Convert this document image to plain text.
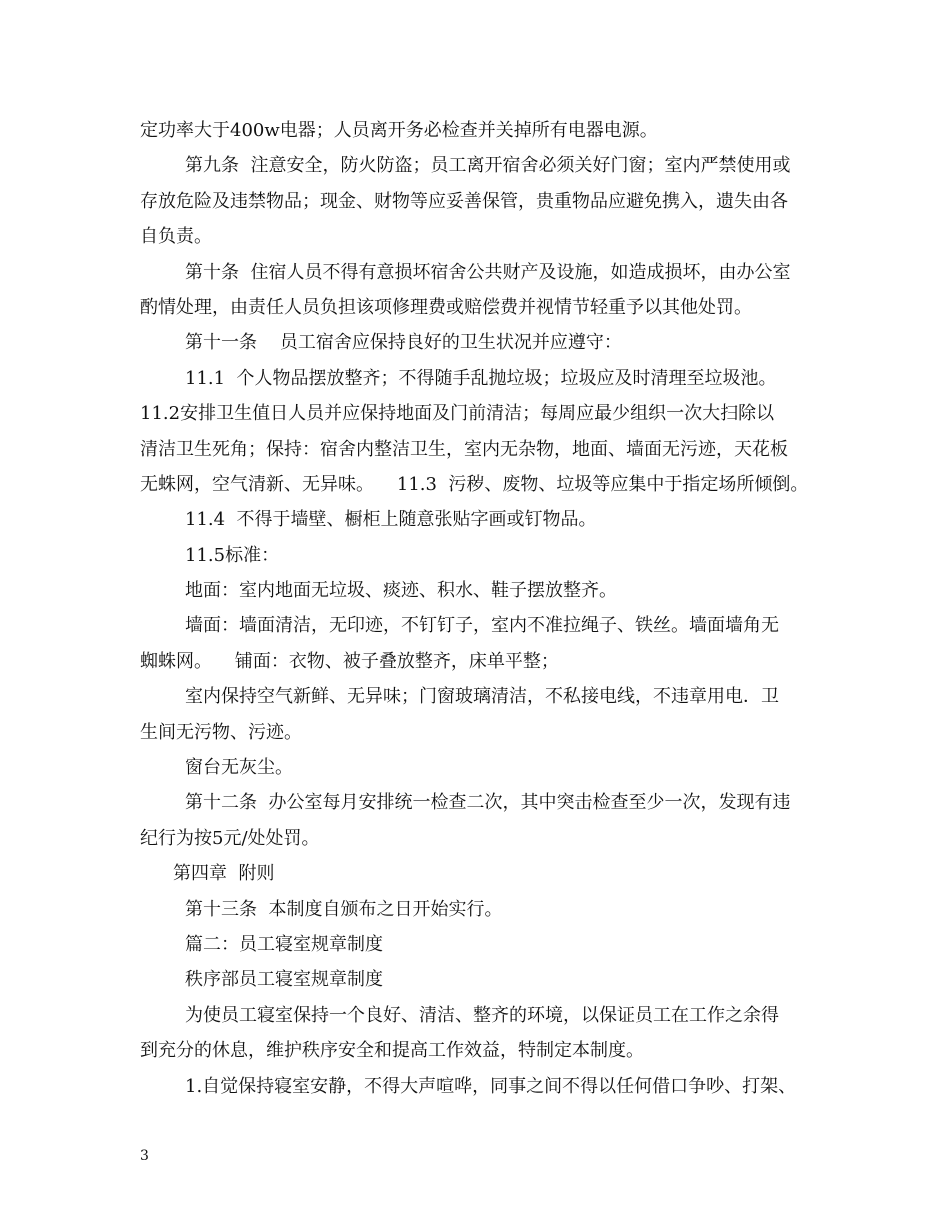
定功率大于400w电器；人员离开务必检查并关掉所有电器电源。
第九条  注意安全，防火防盗；员工离开宿舍必须关好门窗；室内严禁使用或
存放危险及违禁物品；现金、财物等应妥善保管，贵重物品应避免携入，遗失由各
自负责。
第十条  住宿人员不得有意损坏宿舍公共财产及设施，如造成损坏，由办公室
酌情处理，由责任人员负担该项修理费或赔偿费并视情节轻重予以其他处罚。
第十一条    员工宿舍应保持良好的卫生状况并应遵守：
11.1  个人物品摆放整齐；不得随手乱抛垃圾；垃圾应及时清理至垃圾池。
11.2安排卫生值日人员并应保持地面及门前清洁；每周应最少组织一次大扫除以
清洁卫生死角；保持：宿舍内整洁卫生，室内无杂物，地面、墙面无污迹，天花板
无蛛网，空气清新、无异味。    11.3  污秽、废物、垃圾等应集中于指定场所倾倒。
11.4  不得于墙壁、橱柜上随意张贴字画或钉物品。
11.5标准：
地面：室内地面无垃圾、痰迹、积水、鞋子摆放整齐。
墙面：墙面清洁，无印迹，不钉钉子，室内不准拉绳子、铁丝。墙面墙角无
蜘蛛网。    铺面：衣物、被子叠放整齐，床单平整；
室内保持空气新鲜、无异味；门窗玻璃清洁，不私接电线，不违章用电．卫
生间无污物、污迹。
窗台无灰尘。
第十二条  办公室每月安排统一检查二次，其中突击检查至少一次，发现有违
纪行为按5元/处处罚。
第四章  附则
第十三条  本制度自颁布之日开始实行。
篇二：员工寝室规章制度
秩序部员工寝室规章制度
为使员工寝室保持一个良好、清洁、整齐的环境，以保证员工在工作之余得
到充分的休息，维护秩序安全和提高工作效益，特制定本制度。
1.自觉保持寝室安静，不得大声喧哗，同事之间不得以任何借口争吵、打架、
3
